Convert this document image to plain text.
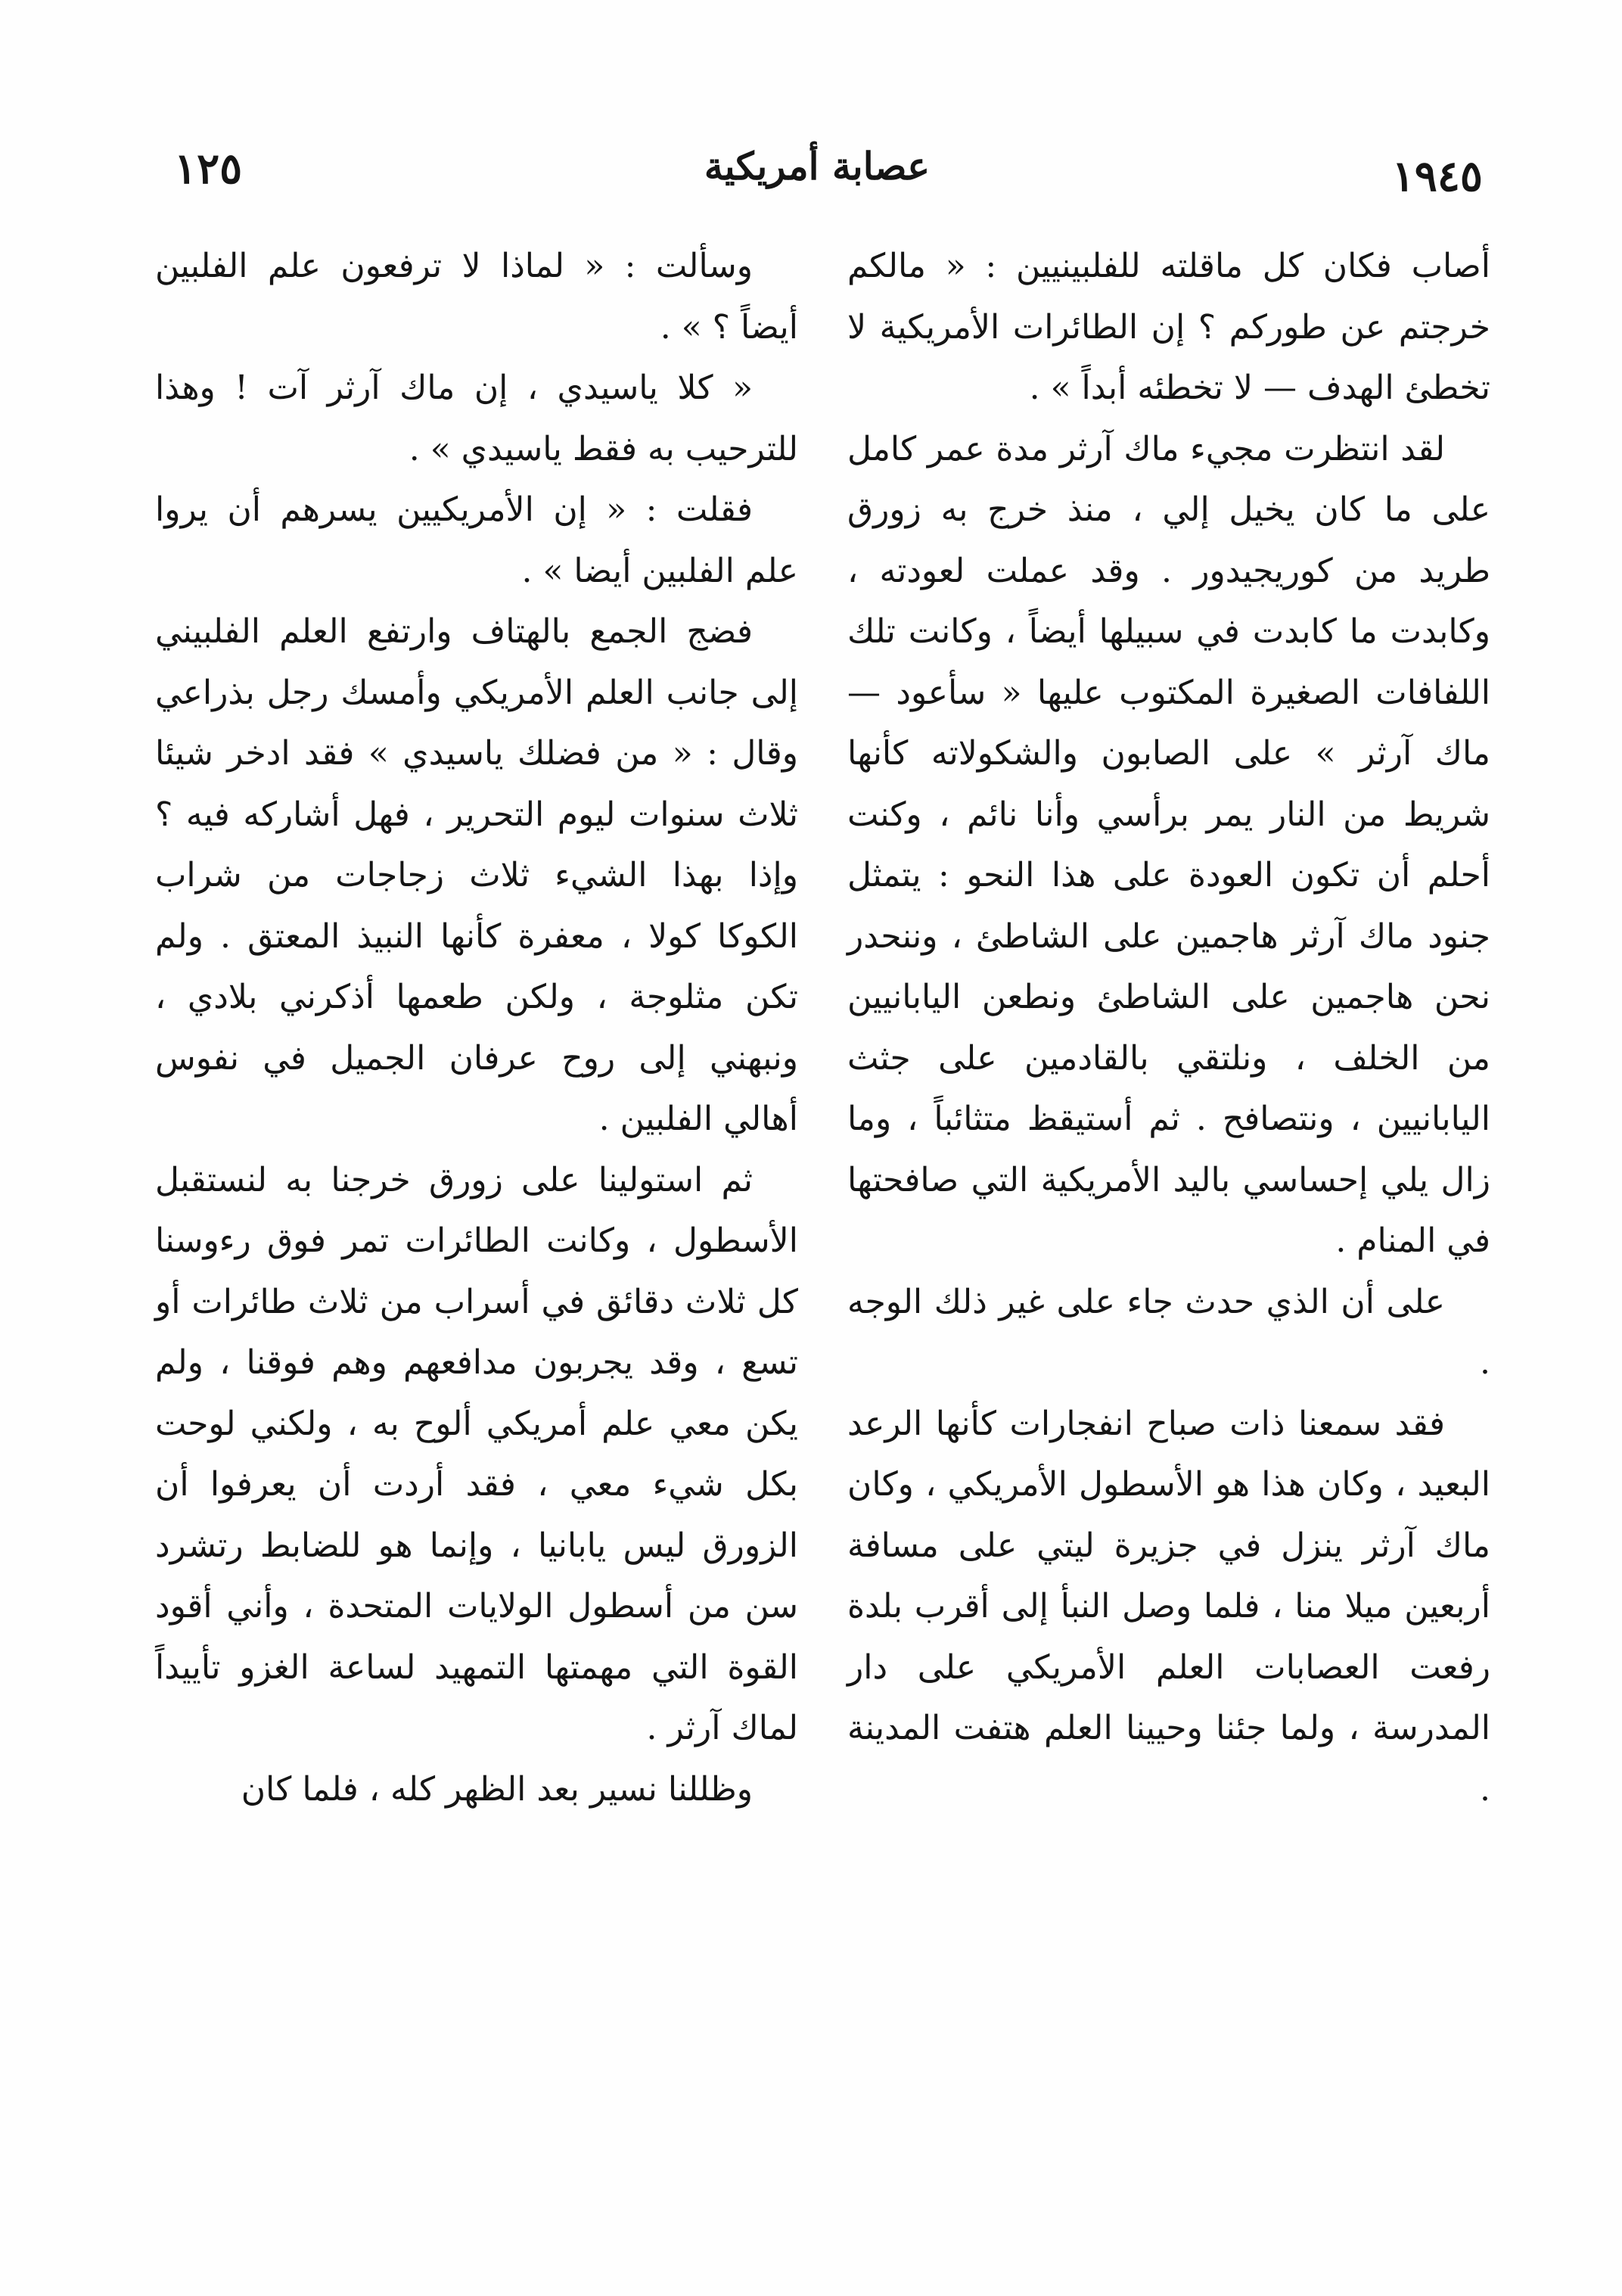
١٢٥	عصابة أمريكية	١٩٤٥

أصاب فكان كل ماقلته للفلبينيين : « مالكم خرجتم عن طوركم ؟ إن الطائرات الأمريكية لا تخطئ الهدف — لا تخطئه أبداً » .

لقد انتظرت مجيء ماك آرثر مدة عمر كامل على ما كان يخيل إلي ، منذ خرج به زورق طريد من كوريجيدور . وقد عملت لعودته ، وكابدت ما كابدت في سبيلها أيضاً ، وكانت تلك اللفافات الصغيرة المكتوب عليها « سأعود — ماك آرثر » على الصابون والشكولاته كأنها شريط من النار يمر برأسي وأنا نائم ، وكنت أحلم أن تكون العودة على هذا النحو : يتمثل جنود ماك آرثر هاجمين على الشاطئ ، وننحدر نحن هاجمين على الشاطئ ونطعن اليابانيين من الخلف ، ونلتقي بالقادمين على جثث اليابانيين ، ونتصافح . ثم أستيقظ متثائباً ، وما زال يلي إحساسي باليد الأمريكية التي صافحتها في المنام .

على أن الذي حدث جاء على غير ذلك الوجه .

فقد سمعنا ذات صباح انفجارات كأنها الرعد البعيد ، وكان هذا هو الأسطول الأمريكي ، وكان ماك آرثر ينزل في جزيرة ليتي على مسافة أربعين ميلا منا ، فلما وصل النبأ إلى أقرب بلدة رفعت العصابات العلم الأمريكي على دار المدرسة ، ولما جئنا وحيينا العلم هتفت المدينة .

وسألت : « لماذا لا ترفعون علم الفلبين أيضاً ؟ » .

« كلا ياسيدي ، إن ماك آرثر آت ! وهذا للترحيب به فقط ياسيدي » .

فقلت : « إن الأمريكيين يسرهم أن يروا علم الفلبين أيضا » .

فضج الجمع بالهتاف وارتفع العلم الفلبيني إلى جانب العلم الأمريكي وأمسك رجل بذراعي وقال : « من فضلك ياسيدي » فقد ادخر شيئا ثلاث سنوات ليوم التحرير ، فهل أشاركه فيه ؟ وإذا بهذا الشيء ثلاث زجاجات من شراب الكوكا كولا ، معفرة كأنها النبيذ المعتق . ولم تكن مثلوجة ، ولكن طعمها أذكرني بلادي ، ونبهني إلى روح عرفان الجميل في نفوس أهالي الفلبين .

ثم استولينا على زورق خرجنا به لنستقبل الأسطول ، وكانت الطائرات تمر فوق رءوسنا كل ثلاث دقائق في أسراب من ثلاث طائرات أو تسع ، وقد يجربون مدافعهم وهم فوقنا ، ولم يكن معي علم أمريكي ألوح به ، ولكني لوحت بكل شيء معي ، فقد أردت أن يعرفوا أن الزورق ليس يابانيا ، وإنما هو للضابط رتشرد سن من أسطول الولايات المتحدة ، وأني أقود القوة التي مهمتها التمهيد لساعة الغزو تأييداً لماك آرثر .

وظللنا نسير بعد الظهر كله ، فلما كان
